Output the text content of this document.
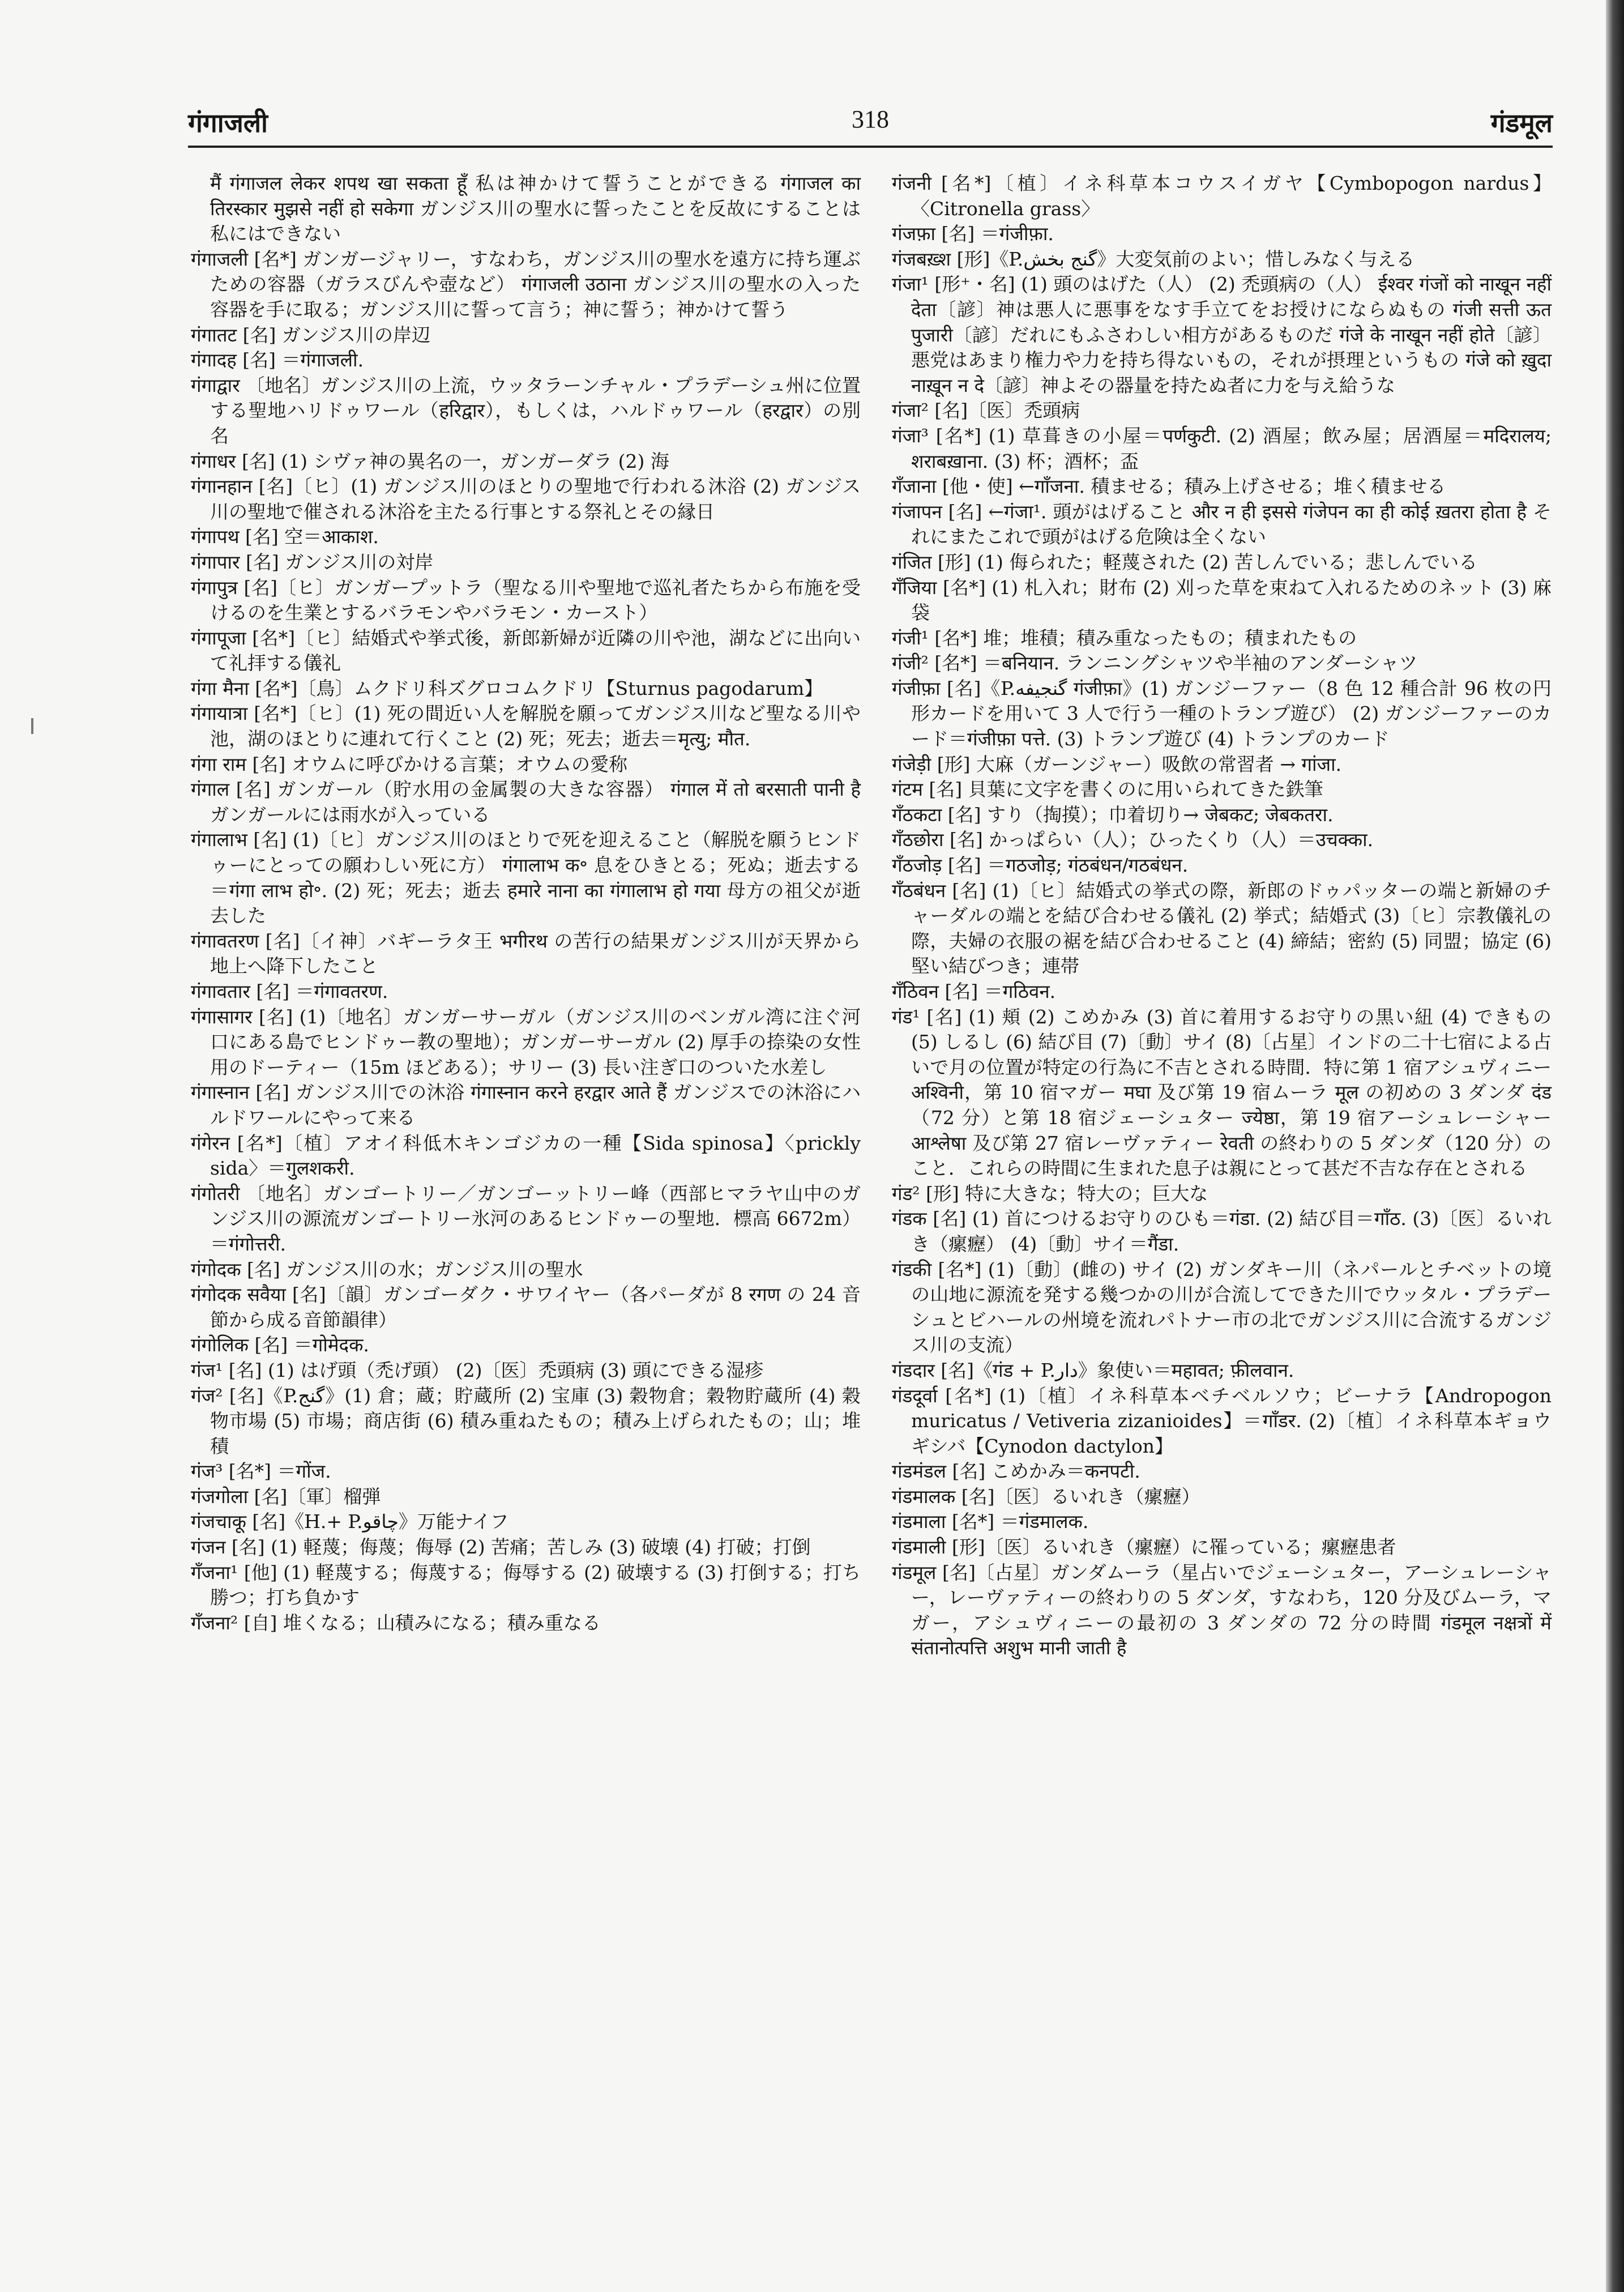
गंगाजली	318	गंडमूल
मैं गंगाजल लेकर शपथ खा सकता हूँ 私は神かけて誓うことができる गंगाजल का तिरस्कार मुझसे नहीं हो सकेगा ガンジス川の聖水に誓ったことを反故にすることは私にはできない
गंगाजली [名*] ガンガージャリー，すなわち，ガンジス川の聖水を遠方に持ち運ぶための容器（ガラスびんや壺など） गंगाजली उठाना ガンジス川の聖水の入った容器を手に取る；ガンジス川に誓って言う；神に誓う；神かけて誓う
गंगातट [名] ガンジス川の岸辺
गंगादह [名] ＝गंगाजली.
गंगाद्वार 〔地名〕ガンジス川の上流，ウッタラーンチャル・プラデーシュ州に位置する聖地ハリドゥワール（हरिद्वार），もしくは，ハルドゥワール（हरद्वार）の別名
गंगाधर [名] (1) シヴァ神の異名の一，ガンガーダラ (2) 海
गंगानहान [名]〔ヒ〕(1) ガンジス川のほとりの聖地で行われる沐浴 (2) ガンジス川の聖地で催される沐浴を主たる行事とする祭礼とその縁日
गंगापथ [名] 空＝आकाश.
गंगापार [名] ガンジス川の対岸
गंगापुत्र [名]〔ヒ〕ガンガープットラ（聖なる川や聖地で巡礼者たちから布施を受けるのを生業とするバラモンやバラモン・カースト）
गंगापूजा [名*]〔ヒ〕結婚式や挙式後，新郎新婦が近隣の川や池，湖などに出向いて礼拝する儀礼
गंगा मैना [名*]〔鳥〕ムクドリ科ズグロコムクドリ【Sturnus pagodarum】
गंगायात्रा [名*]〔ヒ〕(1) 死の間近い人を解脱を願ってガンジス川など聖なる川や池，湖のほとりに連れて行くこと (2) 死；死去；逝去＝मृत्यु; मौत.
गंगा राम [名] オウムに呼びかける言葉；オウムの愛称
गंगाल [名] ガンガール（貯水用の金属製の大きな容器） गंगाल में तो बरसाती पानी है ガンガールには雨水が入っている
गंगालाभ [名] (1)〔ヒ〕ガンジス川のほとりで死を迎えること（解脱を願うヒンドゥーにとっての願わしい死に方） गंगालाभ क॰ 息をひきとる；死ぬ；逝去する＝गंगा लाभ हो॰. (2) 死；死去；逝去 हमारे नाना का गंगालाभ हो गया 母方の祖父が逝去した
गंगावतरण [名]〔イ神〕バギーラタ王 भगीरथ の苦行の結果ガンジス川が天界から地上へ降下したこと
गंगावतार [名] ＝गंगावतरण.
गंगासागर [名] (1)〔地名〕ガンガーサーガル（ガンジス川のベンガル湾に注ぐ河口にある島でヒンドゥー教の聖地）；ガンガーサーガル (2) 厚手の捺染の女性用のドーティー（15m ほどある）；サリー (3) 長い注ぎ口のついた水差し
गंगास्नान [名] ガンジス川での沐浴 गंगास्नान करने हरद्वार आते हैं ガンジスでの沐浴にハルドワールにやって来る
गंगेरन [名*]〔植〕アオイ科低木キンゴジカの一種【Sida spinosa】〈prickly sida〉＝गुलशकरी.
गंगोतरी 〔地名〕ガンゴートリー／ガンゴーットリー峰（西部ヒマラヤ山中のガンジス川の源流ガンゴートリー氷河のあるヒンドゥーの聖地．標高 6672m）＝गंगोत्तरी.
गंगोदक [名] ガンジス川の水；ガンジス川の聖水
गंगोदक सवैया [名]〔韻〕ガンゴーダク・サワイヤー（各パーダが 8 रगण の 24 音節から成る音節韻律）
गंगोलिक [名] ＝गोमेदक.
गंज¹ [名] (1) はげ頭（禿げ頭） (2)〔医〕禿頭病 (3) 頭にできる湿疹
गंज² [名]《P.گنج》(1) 倉；蔵；貯蔵所 (2) 宝庫 (3) 穀物倉；穀物貯蔵所 (4) 穀物市場 (5) 市場；商店街 (6) 積み重ねたもの；積み上げられたもの；山；堆積
गंज³ [名*] ＝गोंज.
गंजगोला [名]〔軍〕榴弾
गंजचाकू [名]《H.+ P.چاقو》万能ナイフ
गंजन [名] (1) 軽蔑；侮蔑；侮辱 (2) 苦痛；苦しみ (3) 破壊 (4) 打破；打倒
गँजना¹ [他] (1) 軽蔑する；侮蔑する；侮辱する (2) 破壊する (3) 打倒する；打ち勝つ；打ち負かす
गँजना² [自] 堆くなる；山積みになる；積み重なる
गंजनी [名*]〔植〕イネ科草本コウスイガヤ【Cymbopogon nardus】〈Citronella grass〉
गंजफ़ा [名] ＝गंजीफ़ा.
गंजबख़्श [形]《P.گنج بخش》大変気前のよい；惜しみなく与える
गंजा¹ [形⁺・名] (1) 頭のはげた（人） (2) 禿頭病の（人） ईश्वर गंजों को नाखून नहीं देता〔諺〕神は悪人に悪事をなす手立てをお授けにならぬもの गंजी सत्ती ऊत पुजारी〔諺〕だれにもふさわしい相方があるものだ गंजे के नाखून नहीं होते〔諺〕悪党はあまり権力や力を持ち得ないもの，それが摂理というもの गंजे को ख़ुदा नाख़ून न दे〔諺〕神よその器量を持たぬ者に力を与え給うな
गंजा² [名]〔医〕禿頭病
गंजा³ [名*] (1) 草葺きの小屋＝पर्णकुटी. (2) 酒屋；飲み屋；居酒屋＝मदिरालय; शराबख़ाना. (3) 杯；酒杯；盃
गँजाना [他・使] ←गाँजना. 積ませる；積み上げさせる；堆く積ませる
गंजापन [名] ←गंजा¹. 頭がはげること और न ही इससे गंजेपन का ही कोई ख़तरा होता है それにまたこれで頭がはげる危険は全くない
गंजित [形] (1) 侮られた；軽蔑された (2) 苦しんでいる；悲しんでいる
गँजिया [名*] (1) 札入れ；財布 (2) 刈った草を束ねて入れるためのネット (3) 麻袋
गंजी¹ [名*] 堆；堆積；積み重なったもの；積まれたもの
गंजी² [名*] ＝बनियान. ランニングシャツや半袖のアンダーシャツ
गंजीफ़ा [名]《P.گنجیفه गंजीफ़ा》(1) ガンジーファー（8 色 12 種合計 96 枚の円形カードを用いて 3 人で行う一種のトランプ遊び） (2) ガンジーファーのカード＝गंजीफ़ा पत्ते. (3) トランプ遊び (4) トランプのカード
गंजेड़ी [形] 大麻（ガーンジャー）吸飲の常習者 → गांजा.
गंटम [名] 貝葉に文字を書くのに用いられてきた鉄筆
गँठकटा [名] すり（掏摸）；巾着切り→ जेबकट; जेबकतरा.
गँठछोरा [名] かっぱらい（人）；ひったくり（人）＝उचक्का.
गँठजोड़ [名] ＝गठजोड़; गंठबंधन/गठबंधन.
गँठबंधन [名] (1)〔ヒ〕結婚式の挙式の際，新郎のドゥパッターの端と新婦のチャーダルの端とを結び合わせる儀礼 (2) 挙式；結婚式 (3)〔ヒ〕宗教儀礼の際，夫婦の衣服の裾を結び合わせること (4) 締結；密約 (5) 同盟；協定 (6) 堅い結びつき；連帯
गँठिवन [名] ＝गठिवन.
गंड¹ [名] (1) 頬 (2) こめかみ (3) 首に着用するお守りの黒い紐 (4) できもの (5) しるし (6) 結び目 (7)〔動〕サイ (8)〔占星〕インドの二十七宿による占いで月の位置が特定の行為に不吉とされる時間．特に第 1 宿アシュヴィニー अश्विनी，第 10 宿マガー मघा 及び第 19 宿ムーラ मूल の初めの 3 ダンダ दंड（72 分）と第 18 宿ジェーシュター ज्येष्ठा，第 19 宿アーシュレーシャー आश्लेषा 及び第 27 宿レーヴァティー रेवती の終わりの 5 ダンダ（120 分）のこと．これらの時間に生まれた息子は親にとって甚だ不吉な存在とされる
गंड² [形] 特に大きな；特大の；巨大な
गंडक [名] (1) 首につけるお守りのひも＝गंडा. (2) 結び目＝गाँठ. (3)〔医〕るいれき（瘰癧） (4)〔動〕サイ＝गैंडा.
गंडकी [名*] (1)〔動〕(雌の) サイ (2) ガンダキー川（ネパールとチベットの境の山地に源流を発する幾つかの川が合流してできた川でウッタル・プラデーシュとビハールの州境を流れパトナー市の北でガンジス川に合流するガンジス川の支流）
गंडदार [名]《गंड + P.دار》象使い＝महावत; फ़ीलवान.
गंडदूर्वा [名*] (1)〔植〕イネ科草本ベチベルソウ；ビーナラ【Andropogon muricatus / Vetiveria zizanioides】＝गाँडर. (2)〔植〕イネ科草本ギョウギシバ【Cynodon dactylon】
गंडमंडल [名] こめかみ＝कनपटी.
गंडमालक [名]〔医〕るいれき（瘰癧）
गंडमाला [名*] ＝गंडमालक.
गंडमाली [形]〔医〕るいれき（瘰癧）に罹っている；瘰癧患者
गंडमूल [名]〔占星〕ガンダムーラ（星占いでジェーシュター，アーシュレーシャー，レーヴァティーの終わりの 5 ダンダ，すなわち，120 分及びムーラ，マガー，アシュヴィニーの最初の 3 ダンダの 72 分の時間 गंडमूल नक्षत्रों में संतानोत्पत्ति अशुभ मानी जाती है
